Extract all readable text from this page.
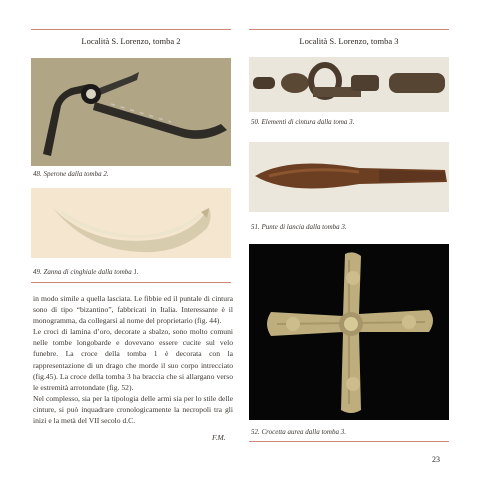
Località S. Lorenzo, tomba 2	Località S. Lorenzo, tomba 3
48. Sperone dalla tomba 2.
49. Zanna di cinghiale dalla tomba 1.

in modo simile a quella lasciata. Le fibbie ed il puntale di cintura sono di tipo “bizantino”, fabbricati in Italia. Interessante è il monogramma, da collegarsi al nome del proprietario (fig. 44).

Le croci di lamina d’oro, decorate a sbalzo, sono molto comuni nelle tombe longobarde e dovevano essere cucite sul velo funebre. La croce della tomba 1 è decorata con la rappresentazione di un drago che morde il suo corpo intrecciato (fig.45). La croce della tomba 3 ha braccia che si allargano verso le estremità arrotondate (fig. 52).

Nel complesso, sia per la tipologia delle armi sia per lo stile delle cinture, si può inquadrare cronologicamente la necropoli tra gli inizi e la metà del VII secolo d.C.

F.M.
50. Elementi di cintura dalla toma 3.
51. Punte di lancia dalla tomba 3.
52. Crocetta aurea dalla tomba 3.
23
